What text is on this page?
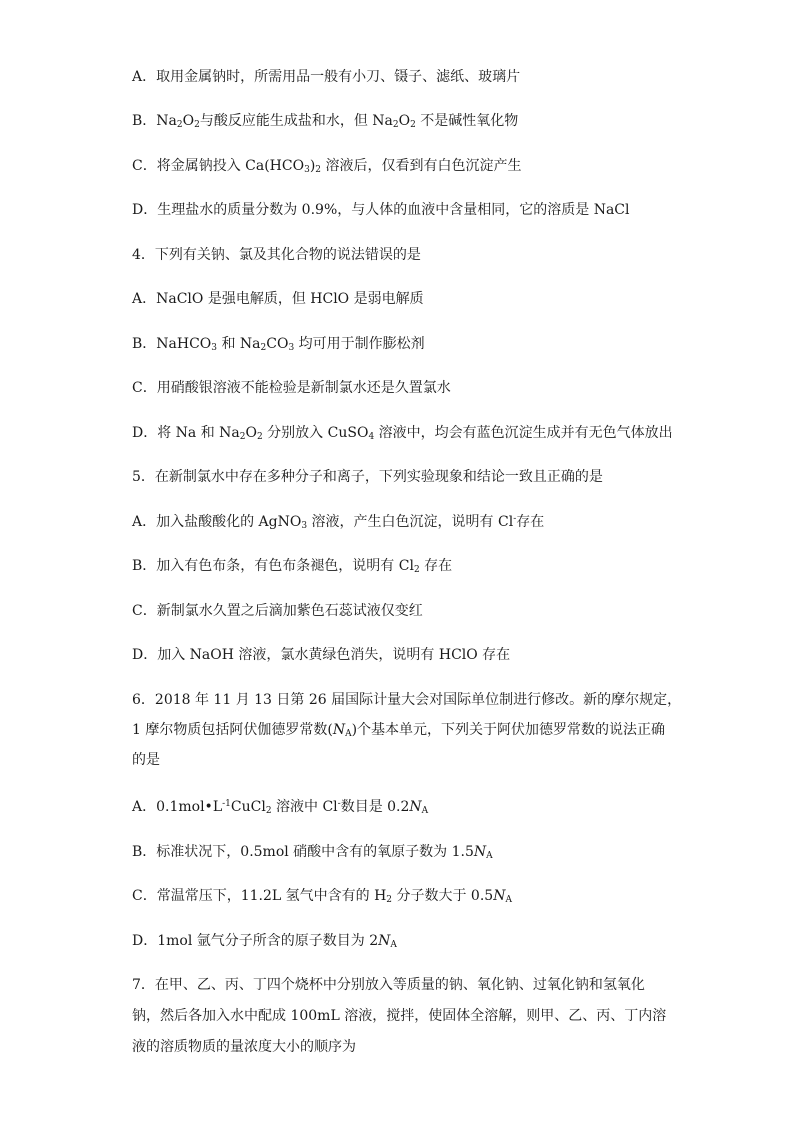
A．取用金属钠时，所需用品一般有小刀、镊子、滤纸、玻璃片
B．$Na_2O_2$与酸反应能生成盐和水，但 $Na_2O_2$ 不是碱性氧化物
C．将金属钠投入 $Ca(HCO_3)_2$ 溶液后，仅看到有白色沉淀产生
D．生理盐水的质量分数为 0.9%，与人体的血液中含量相同，它的溶质是 NaCl
4．下列有关钠、氯及其化合物的说法错误的是
A．NaClO 是强电解质，但 HClO 是弱电解质
B．NaHCO$_3$ 和 $Na_2CO_3$ 均可用于制作膨松剂
C．用硝酸银溶液不能检验是新制氯水还是久置氯水
D．将 Na 和 $Na_2O_2$ 分别放入 CuSO$_4$ 溶液中，均会有蓝色沉淀生成并有无色气体放出
5．在新制氯水中存在多种分子和离子，下列实验现象和结论一致且正确的是
A．加入盐酸酸化的 AgNO$_3$ 溶液，产生白色沉淀，说明有 Cl-存在
B．加入有色布条，有色布条褪色，说明有 $Cl_2$ 存在
C．新制氯水久置之后滴加紫色石蕊试液仅变红
D．加入 NaOH 溶液，氯水黄绿色消失，说明有 HClO 存在
6．2018 年 11 月 13 日第 26 届国际计量大会对国际单位制进行修改。新的摩尔规定，
1 摩尔物质包括阿伏伽德罗常数$(N_A)$个基本单元，下列关于阿伏加德罗常数的说法正确
的是
A．$0.1mol•L^{-1}CuCl_2$ 溶液中 Cl-数目是 $0.2N_A$
B．标准状况下，0.5mol 硝酸中含有的氧原子数为 $1.5N_A$
C．常温常压下，11.2L 氢气中含有的 $H_2$ 分子数大于 $0.5N_A$
D．1mol 氩气分子所含的原子数目为 $2N_A$
7．在甲、乙、丙、丁四个烧杯中分别放入等质量的钠、氧化钠、过氧化钠和氢氧化
钠，然后各加入水中配成 100mL 溶液，搅拌，使固体全溶解，则甲、乙、丙、丁内溶
液的溶质物质的量浓度大小的顺序为
